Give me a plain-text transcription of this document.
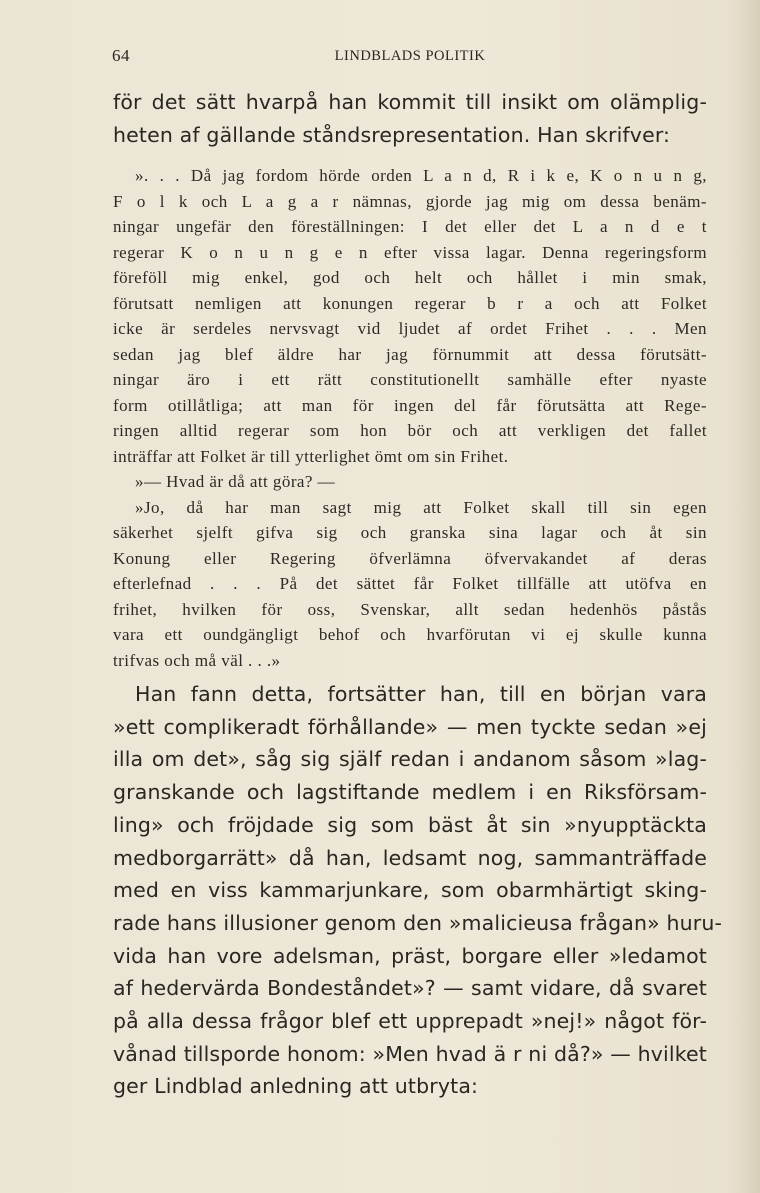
64	LINDBLADS POLITIK
för det sätt hvarpå han kommit till insikt om olämplig-
heten af gällande ståndsrepresentation. Han skrifver:
». . . Då jag fordom hörde orden L a n d, R i k e, K o n u n g,
F o l k och L a g a r nämnas, gjorde jag mig om dessa benäm-
ningar ungefär den föreställningen: I det eller det L a n d e t
regerar K o n u n g e n efter vissa lagar. Denna regeringsform
föreföll mig enkel, god och helt och hållet i min smak,
förutsatt nemligen att konungen regerar b r a och att Folket
icke är serdeles nervsvagt vid ljudet af ordet Frihet . . . Men
sedan jag blef äldre har jag förnummit att dessa förutsätt-
ningar äro i ett rätt constitutionellt samhälle efter nyaste
form otillåtliga; att man för ingen del får förutsätta att Rege-
ringen alltid regerar som hon bör och att verkligen det fallet
inträffar att Folket är till ytterlighet ömt om sin Frihet.
»— Hvad är då att göra? —
»Jo, då har man sagt mig att Folket skall till sin egen
säkerhet sjelft gifva sig och granska sina lagar och åt sin
Konung eller Regering öfverlämna öfvervakandet af deras
efterlefnad . . . På det sättet får Folket tillfälle att utöfva en
frihet, hvilken för oss, Svenskar, allt sedan hedenhös påstås
vara ett oundgängligt behof och hvarförutan vi ej skulle kunna
trifvas och må väl . . .»
Han fann detta, fortsätter han, till en början vara
»ett complikeradt förhållande» — men tyckte sedan »ej
illa om det», såg sig själf redan i andanom såsom »lag-
granskande och lagstiftande medlem i en Riksförsam-
ling» och fröjdade sig som bäst åt sin »nyupptäckta
medborgarrätt» då han, ledsamt nog, sammanträffade
med en viss kammarjunkare, som obarmhärtigt sking-
rade hans illusioner genom den »malicieusa frågan» huru-
vida han vore adelsman, präst, borgare eller »ledamot
af hedervärda Bondeståndet»? — samt vidare, då svaret
på alla dessa frågor blef ett upprepadt »nej!» något för-
vånad tillsporde honom: »Men hvad ä r ni då?» — hvilket
ger Lindblad anledning att utbryta:
